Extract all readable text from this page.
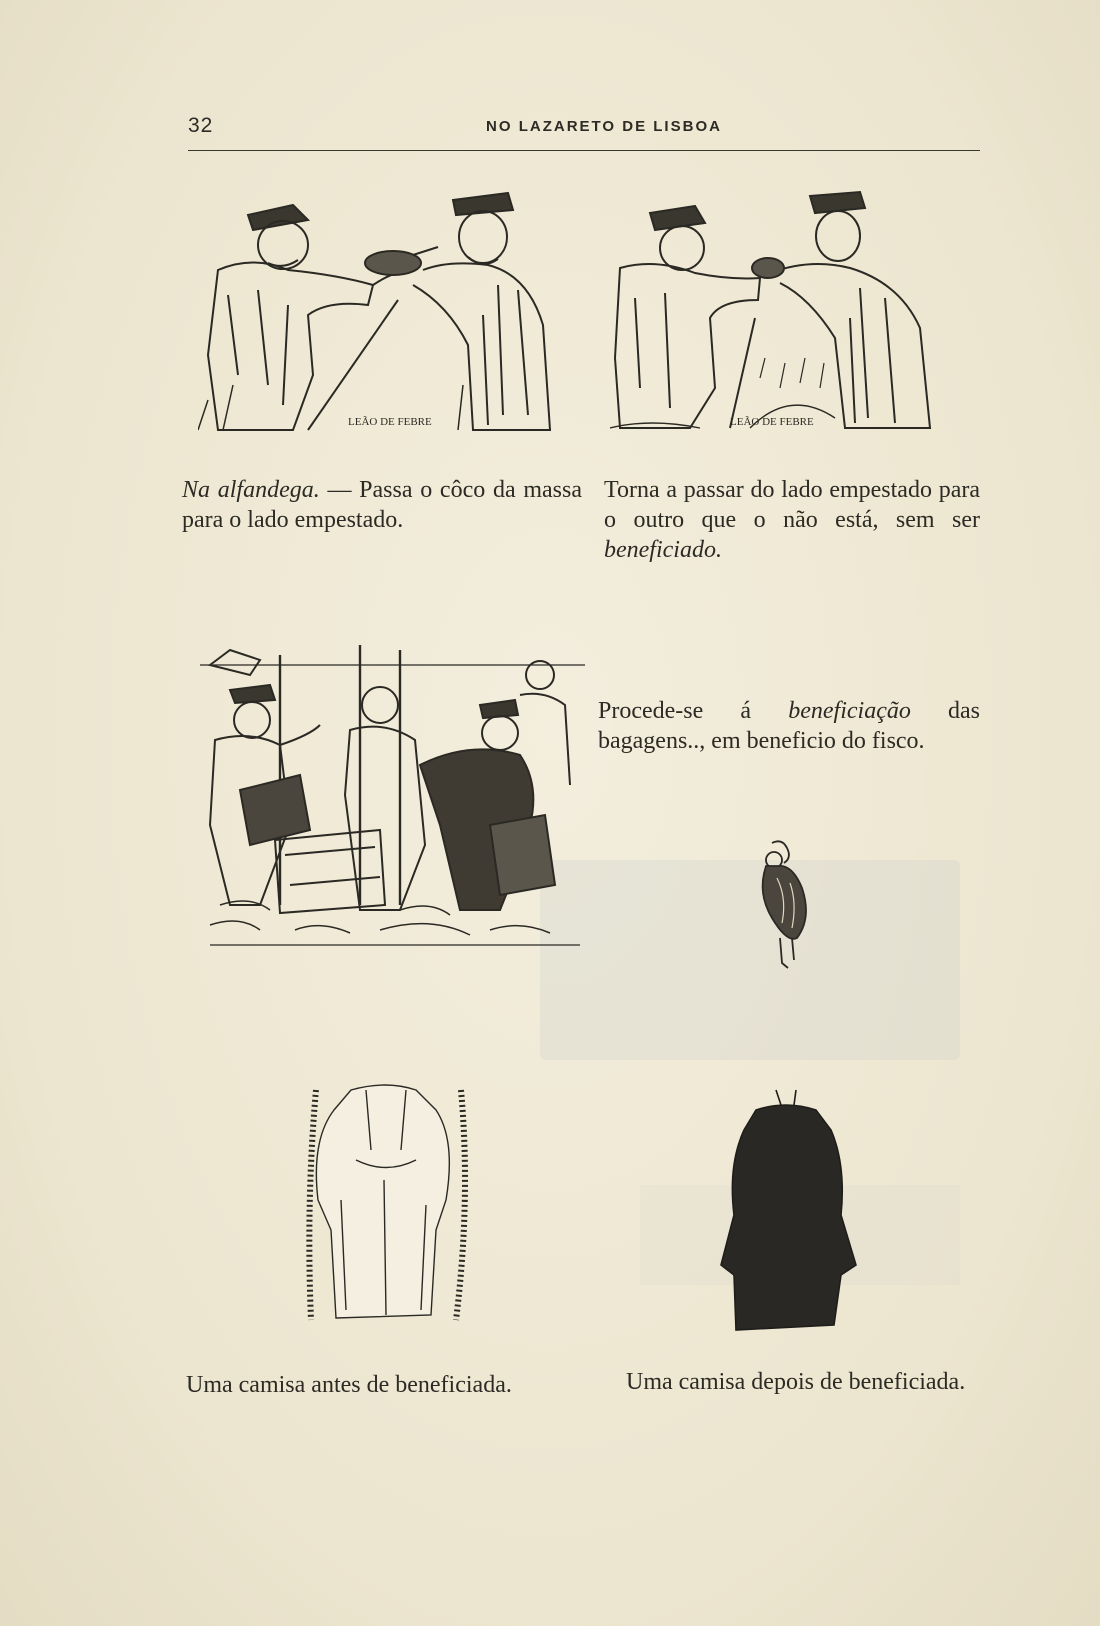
32	NO LAZARETO DE LISBOA
LEÃO DE FEBRE	LEÃO DE FEBRE
Na alfandega. — Passa o côco da massa para o lado empestado.
Torna a passar do lado empestado para o outro que o não está, sem ser beneficiado.
Procede-se á beneficiação das bagagens.., em beneficio do fisco.
Uma camisa antes de beneficiada.	Uma camisa depois de beneficiada.
